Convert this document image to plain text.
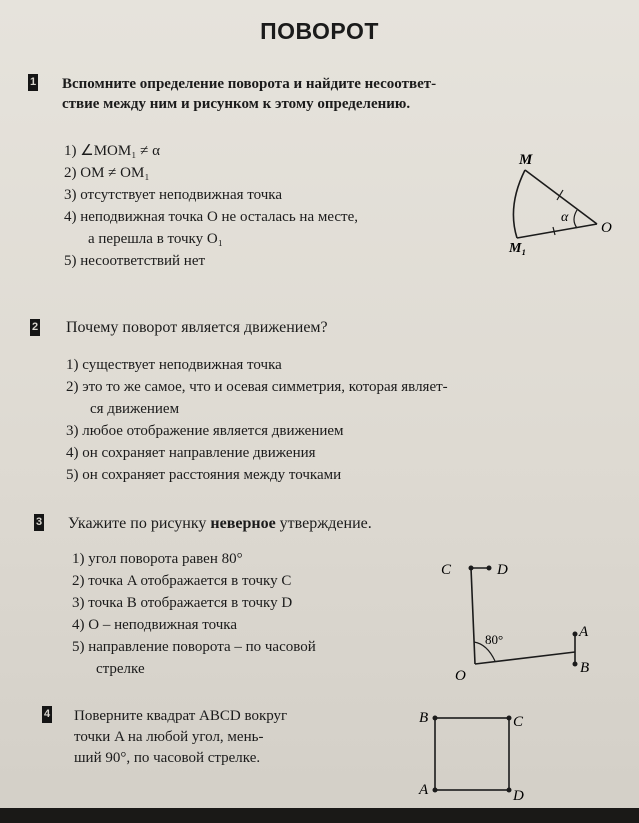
ПОВОРОТ
1 Вспомните определение поворота и найдите несоответ-
ствие между ним и рисунком к этому определению.
1) ∠MOM₁ ≠ α
2) OM ≠ OM₁
3) отсутствует неподвижная точка
4) неподвижная точка O не осталась на месте,
а перешла в точку O₁
5) несоответствий нет
M
O
M₁
α
2 Почему поворот является движением?
1) существует неподвижная точка
2) это то же самое, что и осевая симметрия, которая являет-
ся движением
3) любое отображение является движением
4) он сохраняет направление движения
5) он сохраняет расстояния между точками
3 Укажите по рисунку неверное утверждение.
1) угол поворота равен 80°
2) точка A отображается в точку C
3) точка B отображается в точку D
4) O – неподвижная точка
5) направление поворота – по часовой
стрелке
C	D
A
B
O
80°
4 Поверните квадрат ABCD вокруг
точки A на любой угол, мень-
ший 90°, по часовой стрелке.
B	C
A	D
